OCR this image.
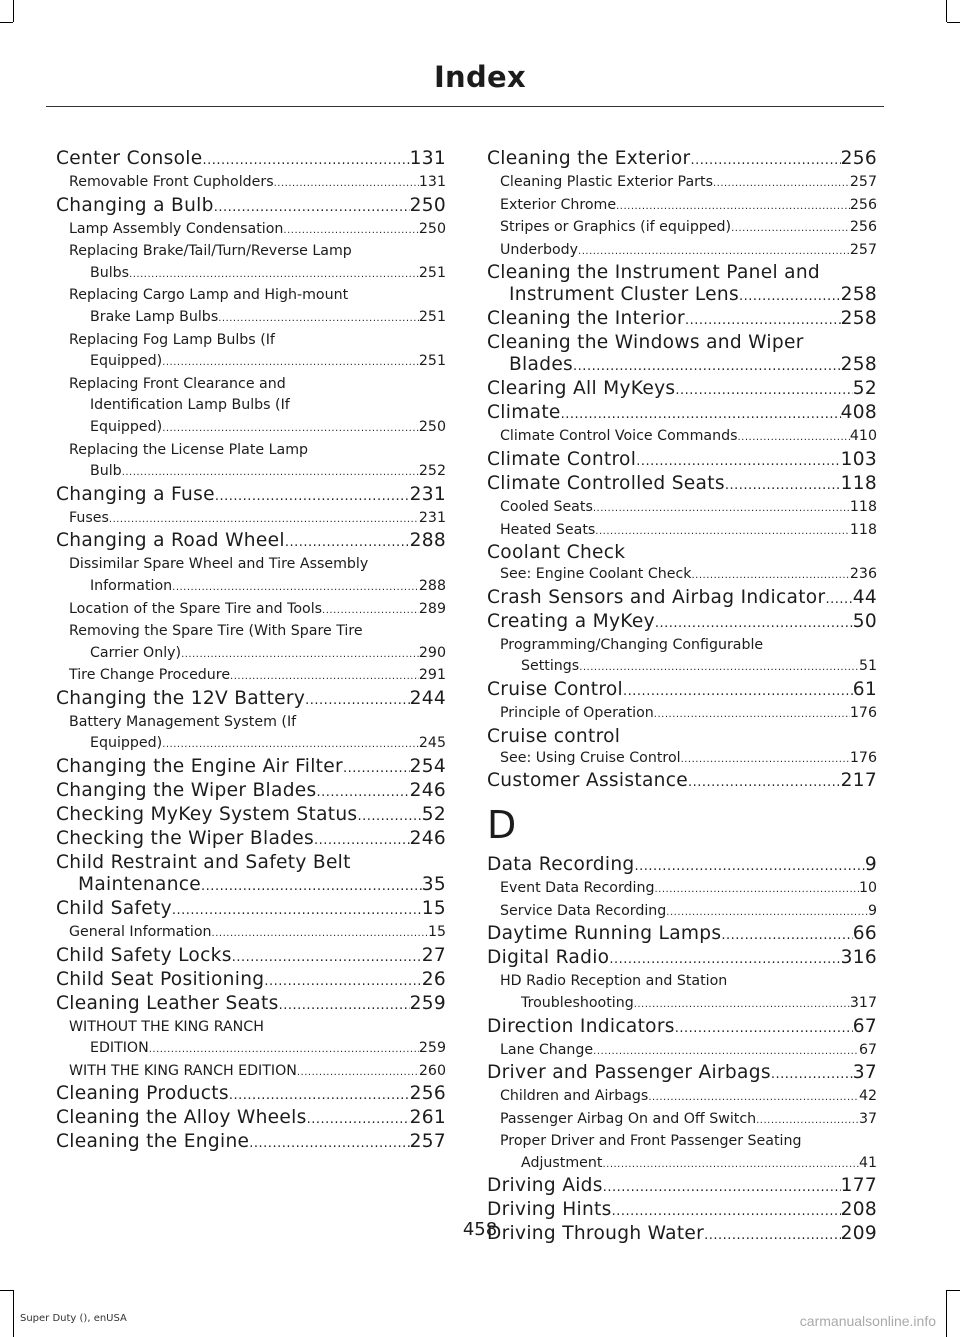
Index
Center Console .....	131
Removable Front Cupholders .....	131
Changing a Bulb .....	250
Lamp Assembly Condensation .....	250
Replacing Brake/Tail/Turn/Reverse Lamp
Bulbs .....	251
Replacing Cargo Lamp and High-mount
Brake Lamp Bulbs .....	251
Replacing Fog Lamp Bulbs (If
Equipped) .....	251
Replacing Front Clearance and
Identification Lamp Bulbs (If
Equipped) .....	250
Replacing the License Plate Lamp
Bulb .....	252
Changing a Fuse .....	231
Fuses .....	231
Changing a Road Wheel .....	288
Dissimilar Spare Wheel and Tire Assembly
Information .....	288
Location of the Spare Tire and Tools .....	289
Removing the Spare Tire (With Spare Tire
Carrier Only) .....	290
Tire Change Procedure .....	291
Changing the 12V Battery .....	244
Battery Management System (If
Equipped) .....	245
Changing the Engine Air Filter .....	254
Changing the Wiper Blades .....	246
Checking MyKey System Status .....	52
Checking the Wiper Blades .....	246
Child Restraint and Safety Belt
Maintenance .....	35
Child Safety .....	15
General Information .....	15
Child Safety Locks .....	27
Child Seat Positioning .....	26
Cleaning Leather Seats .....	259
WITHOUT THE KING RANCH
EDITION .....	259
WITH THE KING RANCH EDITION .....	260
Cleaning Products .....	256
Cleaning the Alloy Wheels .....	261
Cleaning the Engine .....	257
Cleaning the Exterior .....	256
Cleaning Plastic Exterior Parts .....	257
Exterior Chrome .....	256
Stripes or Graphics (if equipped) .....	256
Underbody .....	257
Cleaning the Instrument Panel and
Instrument Cluster Lens .....	258
Cleaning the Interior .....	258
Cleaning the Windows and Wiper
Blades .....	258
Clearing All MyKeys .....	52
Climate .....	408
Climate Control Voice Commands .....	410
Climate Control .....	103
Climate Controlled Seats .....	118
Cooled Seats .....	118
Heated Seats .....	118
Coolant Check
See: Engine Coolant Check .....	236
Crash Sensors and Airbag Indicator ..... 44
Creating a MyKey .....	50
Programming/Changing Configurable
Settings .....	51
Cruise Control .....	61
Principle of Operation .....	176
Cruise control
See: Using Cruise Control .....	176
Customer Assistance .....	217
D
Data Recording .....	9
Event Data Recording .....	10
Service Data Recording .....	9
Daytime Running Lamps .....	66
Digital Radio .....	316
HD Radio Reception and Station
Troubleshooting .....	317
Direction Indicators .....	67
Lane Change .....	67
Driver and Passenger Airbags .....	37
Children and Airbags .....	42
Passenger Airbag On and Off Switch .....	37
Proper Driver and Front Passenger Seating
Adjustment .....	41
Driving Aids .....	177
Driving Hints .....	208
Driving Through Water .....	209
458
Super Duty (), enUSA	carmanualsonline.info
